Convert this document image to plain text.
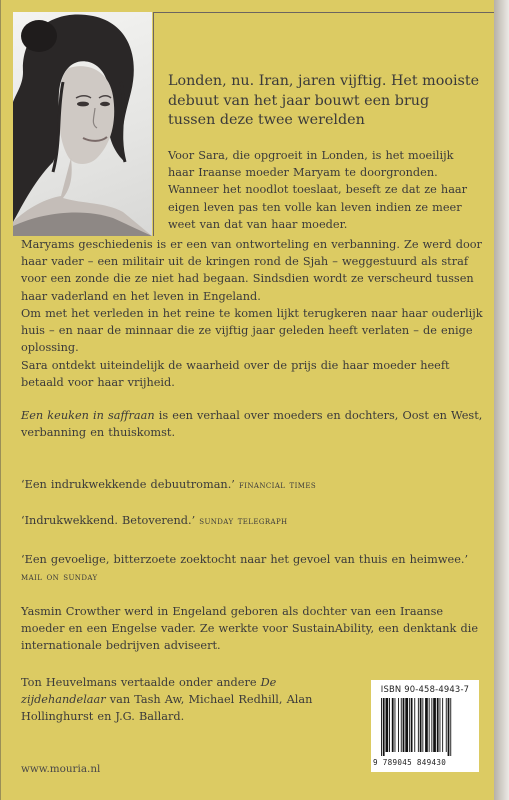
Londen, nu. Iran, jaren vijftig. Het mooiste debuut van het jaar bouwt een brug tussen deze twee werelden

Voor Sara, die opgroeit in Londen, is het moeilijk haar Iraanse moeder Maryam te doorgronden. Wanneer het noodlot toeslaat, beseft ze dat ze haar eigen leven pas ten volle kan leven indien ze meer weet van dat van haar moeder.

Maryams geschiedenis is er een van ontworteling en verbanning. Ze werd door haar vader – een militair uit de kringen rond de Sjah – weggestuurd als straf voor een zonde die ze niet had begaan. Sindsdien wordt ze verscheurd tussen haar vaderland en het leven in Engeland.

Om met het verleden in het reine te komen lijkt terugkeren naar haar ouderlijk huis – en naar de minnaar die ze vijftig jaar geleden heeft verlaten – de enige oplossing.

Sara ontdekt uiteindelijk de waarheid over de prijs die haar moeder heeft betaald voor haar vrijheid.

Een keuken in saffraan is een verhaal over moeders en dochters, Oost en West, verbanning en thuiskomst.

‘Een indrukwekkende debuutroman.’ financial times

‘Indrukwekkend. Betoverend.’ sunday telegraph

‘Een gevoelige, bitterzoete zoektocht naar het gevoel van thuis en heimwee.’ mail on sunday

Yasmin Crowther werd in Engeland geboren als dochter van een Iraanse moeder en een Engelse vader. Ze werkte voor SustainAbility, een denktank die internationale bedrijven adviseert.

Ton Heuvelmans vertaalde onder andere De zijdehandelaar van Tash Aw, Michael Redhill, Alan Hollinghurst en J.G. Ballard.

ISBN 90-458-4943-7
9 789045 849430
www.mouria.nl
